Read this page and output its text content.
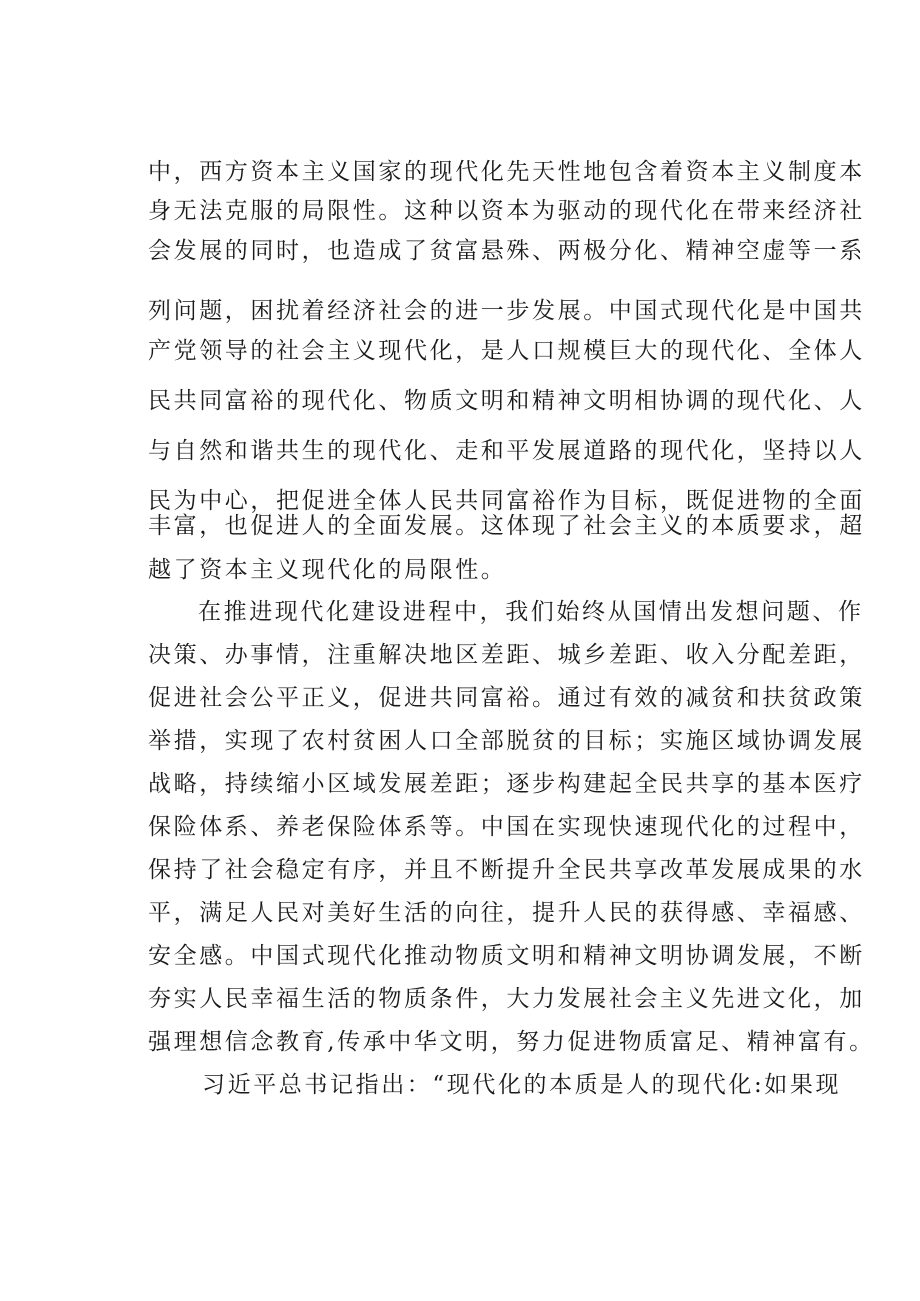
中，西方资本主义国家的现代化先天性地包含着资本主义制度本
身无法克服的局限性。这种以资本为驱动的现代化在带来经济社
会发展的同时，也造成了贫富悬殊、两极分化、精神空虚等一系
列问题，困扰着经济社会的进一步发展。中国式现代化是中国共
产党领导的社会主义现代化，是人口规模巨大的现代化、全体人
民共同富裕的现代化、物质文明和精神文明相协调的现代化、人
与自然和谐共生的现代化、走和平发展道路的现代化，坚持以人
民为中心，把促进全体人民共同富裕作为目标，既促进物的全面
丰富，也促进人的全面发展。这体现了社会主义的本质要求，超
越了资本主义现代化的局限性。
在推进现代化建设进程中，我们始终从国情出发想问题、作
决策、办事情，注重解决地区差距、城乡差距、收入分配差距，
促进社会公平正义，促进共同富裕。通过有效的减贫和扶贫政策
举措，实现了农村贫困人口全部脱贫的目标；实施区域协调发展
战略，持续缩小区域发展差距；逐步构建起全民共享的基本医疗
保险体系、养老保险体系等。中国在实现快速现代化的过程中，
保持了社会稳定有序，并且不断提升全民共享改革发展成果的水
平，满足人民对美好生活的向往，提升人民的获得感、幸福感、
安全感。中国式现代化推动物质文明和精神文明协调发展，不断
夯实人民幸福生活的物质条件，大力发展社会主义先进文化，加
强理想信念教育,传承中华文明，努力促进物质富足、精神富有。
习近平总书记指出：“现代化的本质是人的现代化:如果现
